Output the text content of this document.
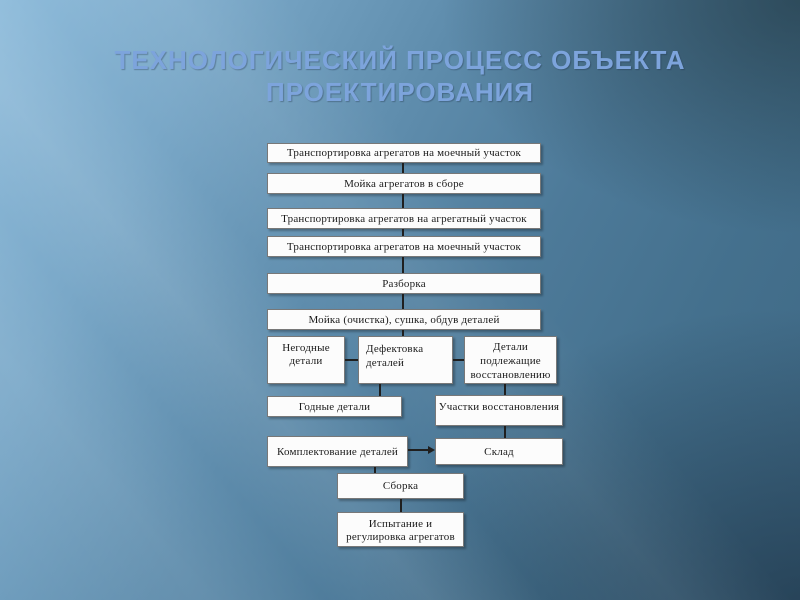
ТЕХНОЛОГИЧЕСКИЙ ПРОЦЕСС ОБЪЕКТА
ПРОЕКТИРОВАНИЯ
Транспортировка агрегатов на моечный участок
Мойка агрегатов в сборе
Транспортировка агрегатов на агрегатный участок
Транспортировка агрегатов на моечный участок
Разборка
Мойка (очистка), сушка, обдув деталей
Негодные детали
Дефектовка деталей
Детали подлежащие восстановлению
Годные детали	Участки восстановления
Комплектование деталей	Склад
Сборка
Испытание и регулировка агрегатов
